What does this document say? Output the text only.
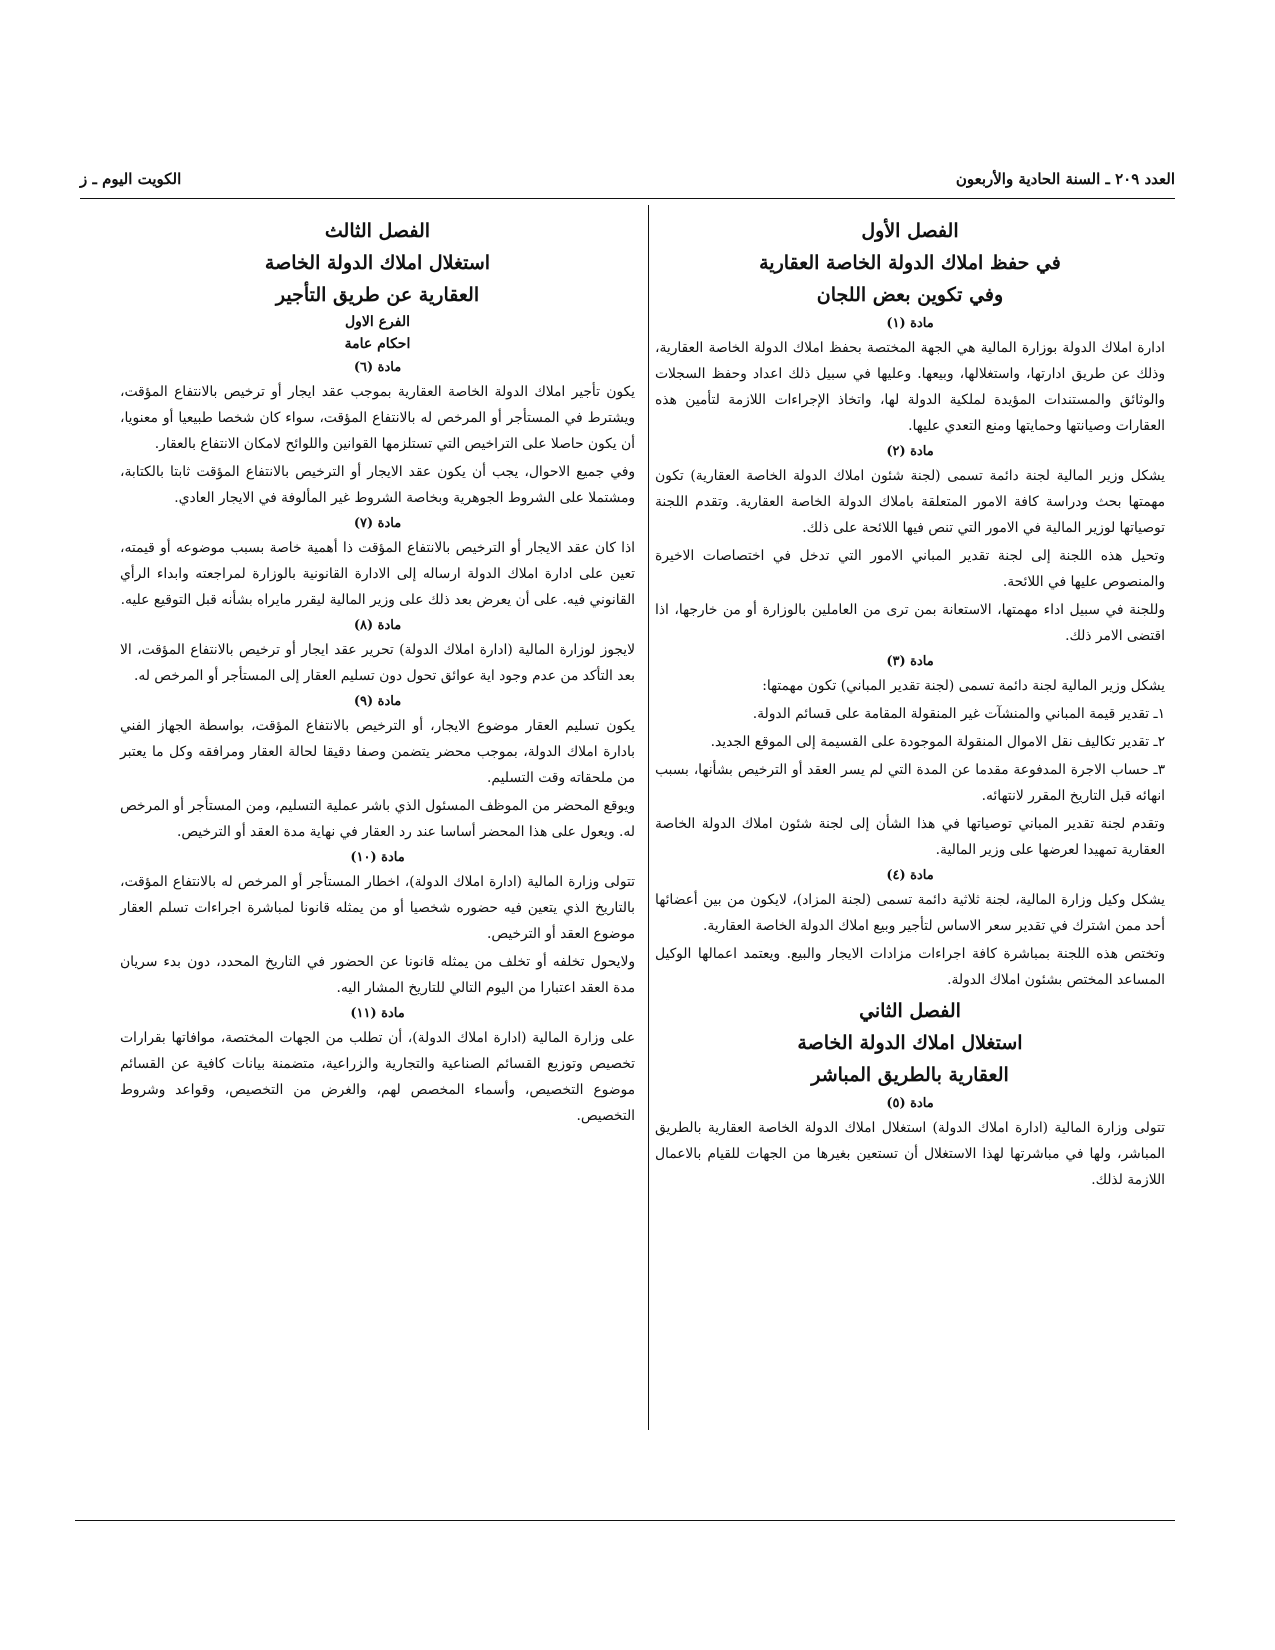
العدد ٢٠٩ ـ السنة الحادية والأربعون
الكويت اليوم ـ ز

الفصل الأول

في حفظ املاك الدولة الخاصة العقارية

وفي تكوين بعض اللجان

مادة (١)

ادارة املاك الدولة بوزارة المالية هي الجهة المختصة بحفظ املاك الدولة الخاصة العقارية، وذلك عن طريق ادارتها، واستغلالها، وبيعها. وعليها في سبيل ذلك اعداد وحفظ السجلات والوثائق والمستندات المؤيدة لملكية الدولة لها، واتخاذ الإجراءات اللازمة لتأمين هذه العقارات وصيانتها وحمايتها ومنع التعدي عليها.

مادة (٢)

يشكل وزير المالية لجنة دائمة تسمى (لجنة شئون املاك الدولة الخاصة العقارية) تكون مهمتها بحث ودراسة كافة الامور المتعلقة باملاك الدولة الخاصة العقارية. وتقدم اللجنة توصياتها لوزير المالية في الامور التي تنص فيها اللائحة على ذلك.

وتحيل هذه اللجنة إلى لجنة تقدير المباني الامور التي تدخل في اختصاصات الاخيرة والمنصوص عليها في اللائحة.

وللجنة في سبيل اداء مهمتها، الاستعانة بمن ترى من العاملين بالوزارة أو من خارجها، اذا اقتضى الامر ذلك.

مادة (٣)

يشكل وزير المالية لجنة دائمة تسمى (لجنة تقدير المباني) تكون مهمتها:

١ـ تقدير قيمة المباني والمنشآت غير المنقولة المقامة على قسائم الدولة.

٢ـ تقدير تكاليف نقل الاموال المنقولة الموجودة على القسيمة إلى الموقع الجديد.

٣ـ حساب الاجرة المدفوعة مقدما عن المدة التي لم يسر العقد أو الترخيص بشأنها، بسبب انهائه قبل التاريخ المقرر لانتهائه.

وتقدم لجنة تقدير المباني توصياتها في هذا الشأن إلى لجنة شئون املاك الدولة الخاصة العقارية تمهيدا لعرضها على وزير المالية.

مادة (٤)

يشكل وكيل وزارة المالية، لجنة ثلاثية دائمة تسمى (لجنة المزاد)، لايكون من بين أعضائها أحد ممن اشترك في تقدير سعر الاساس لتأجير وبيع املاك الدولة الخاصة العقارية.

وتختص هذه اللجنة بمباشرة كافة اجراءات مزادات الايجار والبيع. ويعتمد اعمالها الوكيل المساعد المختص بشئون املاك الدولة.

الفصل الثاني

استغلال املاك الدولة الخاصة

العقارية بالطريق المباشر

مادة (٥)

تتولى وزارة المالية (ادارة املاك الدولة) استغلال املاك الدولة الخاصة العقارية بالطريق المباشر، ولها في مباشرتها لهذا الاستغلال أن تستعين بغيرها من الجهات للقيام بالاعمال اللازمة لذلك.

الفصل الثالث

استغلال املاك الدولة الخاصة

العقارية عن طريق التأجير

الفرع الاول

احكام عامة

مادة (٦)

يكون تأجير املاك الدولة الخاصة العقارية بموجب عقد ايجار أو ترخيص بالانتفاع المؤقت، ويشترط في المستأجر أو المرخص له بالانتفاع المؤقت، سواء كان شخصا طبيعيا أو معنويا، أن يكون حاصلا على التراخيص التي تستلزمها القوانين واللوائح لامكان الانتفاع بالعقار.

وفي جميع الاحوال، يجب أن يكون عقد الايجار أو الترخيص بالانتفاع المؤقت ثابتا بالكتابة، ومشتملا على الشروط الجوهرية وبخاصة الشروط غير المألوفة في الايجار العادي.

مادة (٧)

اذا كان عقد الايجار أو الترخيص بالانتفاع المؤقت ذا أهمية خاصة بسبب موضوعه أو قيمته، تعين على ادارة املاك الدولة ارساله إلى الادارة القانونية بالوزارة لمراجعته وابداء الرأي القانوني فيه. على أن يعرض بعد ذلك على وزير المالية ليقرر مايراه بشأنه قبل التوقيع عليه.

مادة (٨)

لايجوز لوزارة المالية (ادارة املاك الدولة) تحرير عقد ايجار أو ترخيص بالانتفاع المؤقت، الا بعد التأكد من عدم وجود اية عوائق تحول دون تسليم العقار إلى المستأجر أو المرخص له.

مادة (٩)

يكون تسليم العقار موضوع الايجار، أو الترخيص بالانتفاع المؤقت، بواسطة الجهاز الفني بادارة املاك الدولة، بموجب محضر يتضمن وصفا دقيقا لحالة العقار ومرافقه وكل ما يعتبر من ملحقاته وقت التسليم.

ويوقع المحضر من الموظف المسئول الذي باشر عملية التسليم، ومن المستأجر أو المرخص له. ويعول على هذا المحضر أساسا عند رد العقار في نهاية مدة العقد أو الترخيص.

مادة (١٠)

تتولى وزارة المالية (ادارة املاك الدولة)، اخطار المستأجر أو المرخص له بالانتفاع المؤقت، بالتاريخ الذي يتعين فيه حضوره شخصيا أو من يمثله قانونا لمباشرة اجراءات تسلم العقار موضوع العقد أو الترخيص.

ولايحول تخلفه أو تخلف من يمثله قانونا عن الحضور في التاريخ المحدد، دون بدء سريان مدة العقد اعتبارا من اليوم التالي للتاريخ المشار اليه.

مادة (١١)

على وزارة المالية (ادارة املاك الدولة)، أن تطلب من الجهات المختصة، موافاتها بقرارات تخصيص وتوزيع القسائم الصناعية والتجارية والزراعية، متضمنة بيانات كافية عن القسائم موضوع التخصيص، وأسماء المخصص لهم، والغرض من التخصيص، وقواعد وشروط التخصيص.
